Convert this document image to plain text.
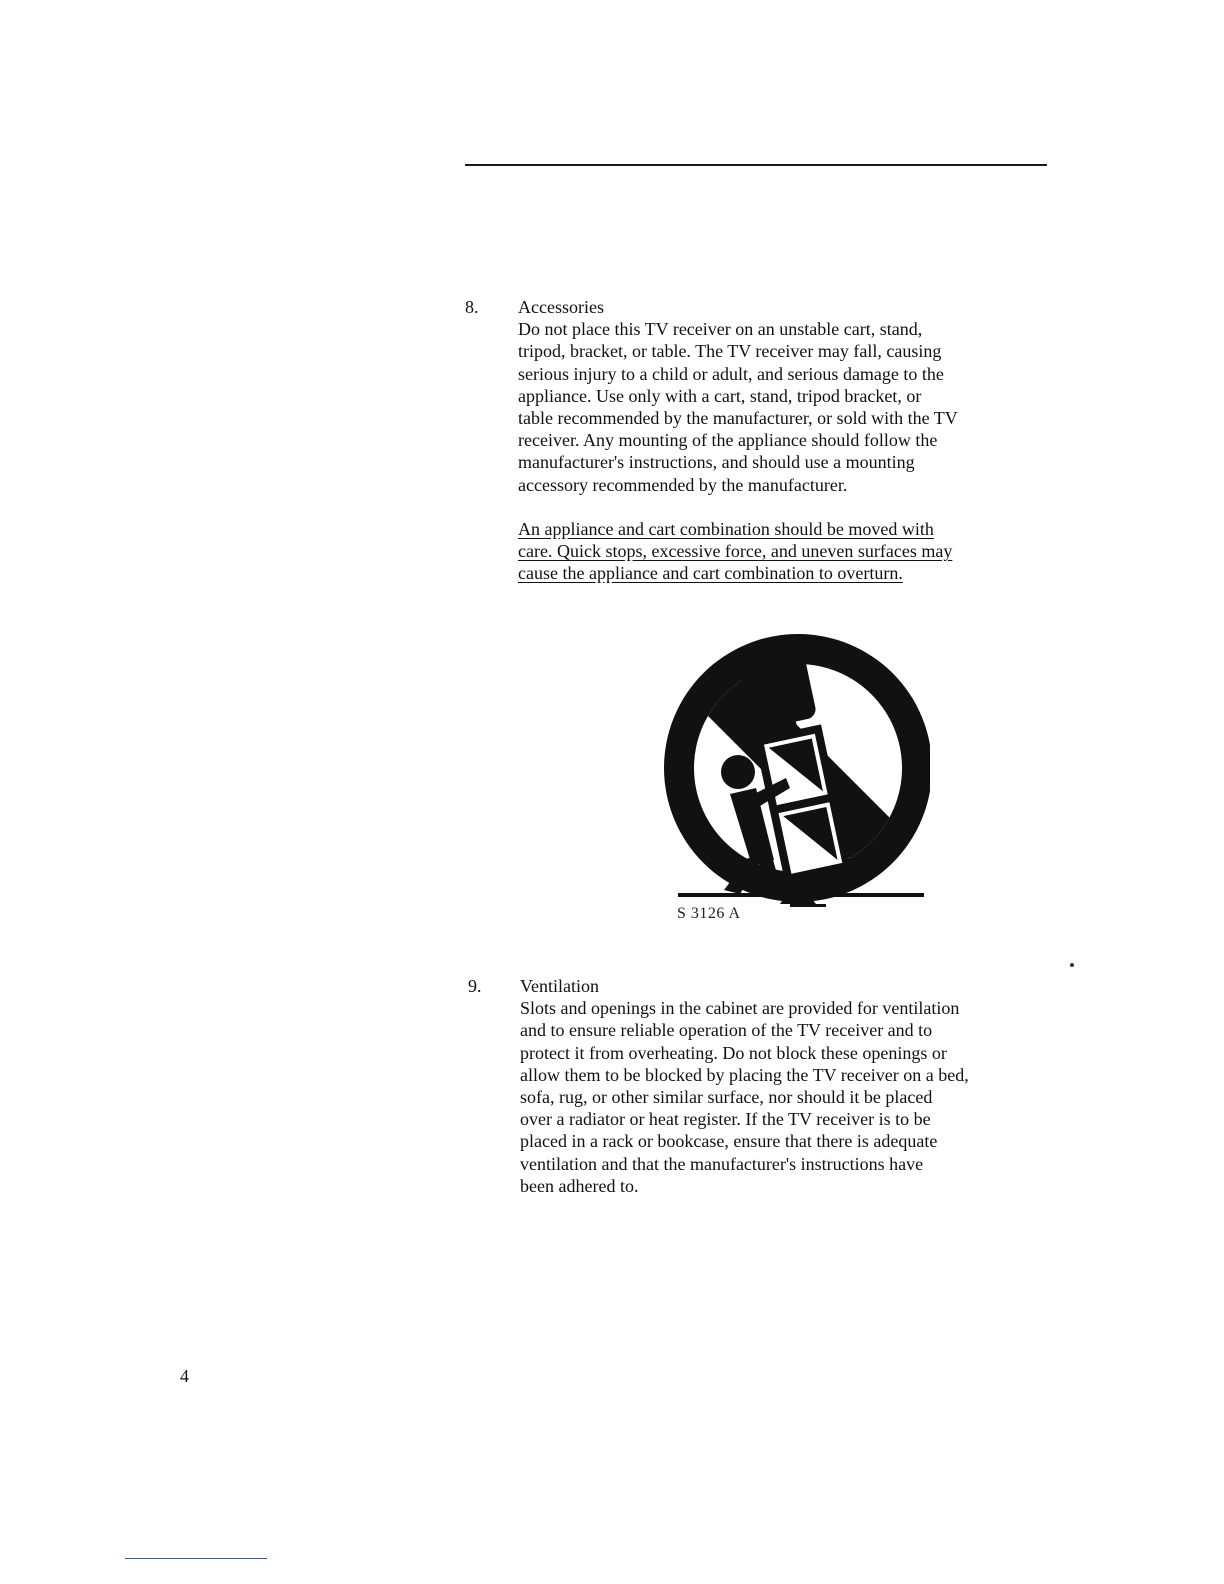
8. Accessories
Do not place this TV receiver on an unstable cart, stand,
tripod, bracket, or table. The TV receiver may fall, causing
serious injury to a child or adult, and serious damage to the
appliance. Use only with a cart, stand, tripod bracket, or
table recommended by the manufacturer, or sold with the TV
receiver. Any mounting of the appliance should follow the
manufacturer's instructions, and should use a mounting
accessory recommended by the manufacturer.
An appliance and cart combination should be moved with
care. Quick stops, excessive force, and uneven surfaces may
cause the appliance and cart combination to overturn.
S 3126 A
9. Ventilation
Slots and openings in the cabinet are provided for ventilation
and to ensure reliable operation of the TV receiver and to
protect it from overheating. Do not block these openings or
allow them to be blocked by placing the TV receiver on a bed,
sofa, rug, or other similar surface, nor should it be placed
over a radiator or heat register. If the TV receiver is to be
placed in a rack or bookcase, ensure that there is adequate
ventilation and that the manufacturer's instructions have
been adhered to.
4
